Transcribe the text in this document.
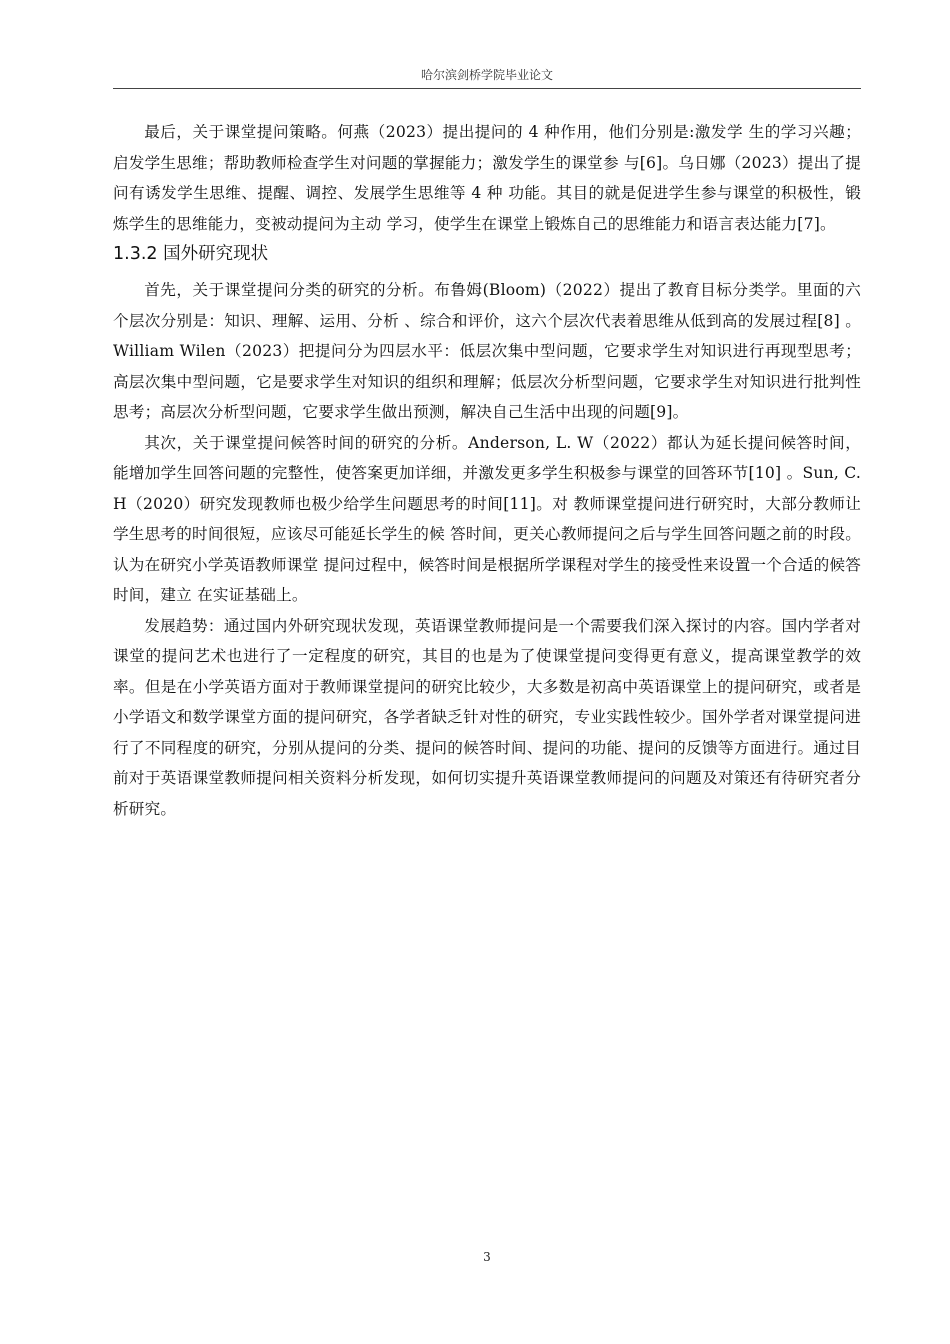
哈尔滨剑桥学院毕业论文

最后，关于课堂提问策略。何燕（2023）提出提问的 4 种作用，他们分别是:激发学 生的学习兴趣；启发学生思维；帮助教师检查学生对问题的掌握能力；激发学生的课堂参 与[6]。乌日娜（2023）提出了提问有诱发学生思维、提醒、调控、发展学生思维等 4 种 功能。其目的就是促进学生参与课堂的积极性，锻炼学生的思维能力，变被动提问为主动 学习，使学生在课堂上锻炼自己的思维能力和语言表达能力[7]。

1.3.2 国外研究现状

首先，关于课堂提问分类的研究的分析。布鲁姆(Bloom)（2022）提出了教育目标分类学。里面的六个层次分别是：知识、理解、运用、分析 、综合和评价，这六个层次代表着思维从低到高的发展过程[8] 。William Wilen（2023）把提问分为四层水平：低层次集中型问题，它要求学生对知识进行再现型思考；高层次集中型问题，它是要求学生对知识的组织和理解；低层次分析型问题，它要求学生对知识进行批判性思考；高层次分析型问题，它要求学生做出预测，解决自己生活中出现的问题[9]。

其次，关于课堂提问候答时间的研究的分析。Anderson, L. W（2022）都认为延长提问候答时间，能增加学生回答问题的完整性，使答案更加详细，并激发更多学生积极参与课堂的回答环节[10] 。Sun, C. H（2020）研究发现教师也极少给学生问题思考的时间[11]。对 教师课堂提问进行研究时，大部分教师让学生思考的时间很短，应该尽可能延长学生的候 答时间，更关心教师提问之后与学生回答问题之前的时段。认为在研究小学英语教师课堂 提问过程中，候答时间是根据所学课程对学生的接受性来设置一个合适的候答时间，建立 在实证基础上。

发展趋势：通过国内外研究现状发现，英语课堂教师提问是一个需要我们深入探讨的内容。国内学者对课堂的提问艺术也进行了一定程度的研究，其目的也是为了使课堂提问变得更有意义，提高课堂教学的效率。但是在小学英语方面对于教师课堂提问的研究比较少，大多数是初高中英语课堂上的提问研究，或者是小学语文和数学课堂方面的提问研究，各学者缺乏针对性的研究，专业实践性较少。国外学者对课堂提问进行了不同程度的研究，分别从提问的分类、提问的候答时间、提问的功能、提问的反馈等方面进行。通过目前对于英语课堂教师提问相关资料分析发现，如何切实提升英语课堂教师提问的问题及对策还有待研究者分析研究。

3
